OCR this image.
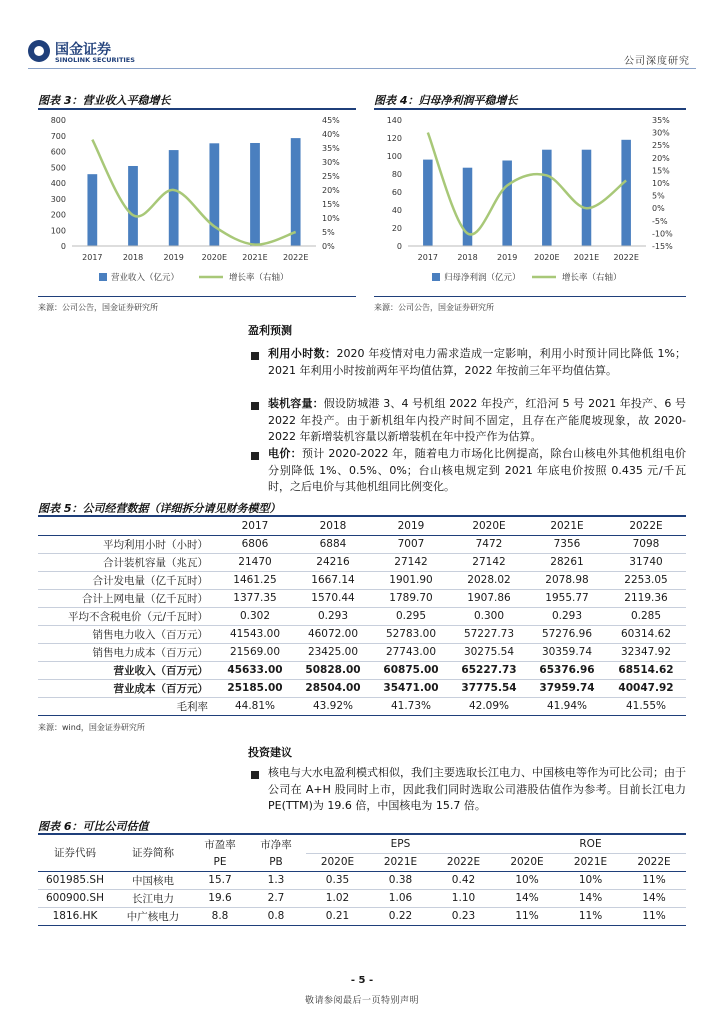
国金证券
SINOLINK SECURITIES	公司深度研究
图表 3：营业收入平稳增长
0
100
200
300
400
500
600
700
800
0%
5%
10%
15%
20%
25%
30%
35%
40%
45%
2017	2018	2019 2020E 2021E 2022E
营业收入（亿元）	增长率（右轴）
来源：公司公告，国金证券研究所
图表 4：归母净利润平稳增长
0
20
40
60
80
100
120
140
-15%
-10%
-5%
0%
5%
10%
15%
20%
25%
30%
35%
2017 2018 2019 2020E 2021E 2022E
归母净利润（亿元）	增长率（右轴）
来源：公司公告，国金证券研究所
盈利预测
利用小时数：2020 年疫情对电力需求造成一定影响，利用小时预计同比降低 1%；2021 年利用小时按前两年平均值估算，2022 年按前三年平均值估算。
装机容量：假设防城港 3、4 号机组 2022 年投产，红沿河 5 号 2021 年投产、6 号 2022 年投产。由于新机组年内投产时间不固定，且存在产能爬坡现象，故 2020-2022 年新增装机容量以新增装机在年中投产作为估算。
电价：预计 2020-2022 年，随着电力市场化比例提高，除台山核电外其他机组电价分别降低 1%、0.5%、0%；台山核电规定到 2021 年底电价按照 0.435 元/千瓦时，之后电价与其他机组同比例变化。
图表 5：公司经营数据（详细拆分请见财务模型）
	2017	2018	2019	2020E	2021E	2022E
平均利用小时（小时）	6806	6884	7007	7472	7356	7098
合计装机容量（兆瓦）	21470	24216	27142	27142	28261	31740
合计发电量（亿千瓦时）	1461.25	1667.14	1901.90	2028.02	2078.98	2253.05
合计上网电量（亿千瓦时）	1377.35	1570.44	1789.70	1907.86	1955.77	2119.36
平均不含税电价（元/千瓦时）	0.302	0.293	0.295	0.300	0.293	0.285
销售电力收入（百万元）	41543.00	46072.00	52783.00	57227.73	57276.96	60314.62
销售电力成本（百万元）	21569.00	23425.00	27743.00	30275.54	30359.74	32347.92
营业收入（百万元）	45633.00	50828.00	60875.00	65227.73	65376.96	68514.62
营业成本（百万元）	25185.00	28504.00	35471.00	37775.54	37959.74	40047.92
毛利率	44.81%	43.92%	41.73%	42.09%	41.94%	41.55%
来源：wind，国金证券研究所
投资建议
核电与大水电盈利模式相似，我们主要选取长江电力、中国核电等作为可比公司；由于公司在 A+H 股同时上市，因此我们同时选取公司港股估值作为参考。目前长江电力 PE(TTM)为 19.6 倍，中国核电为 15.7 倍。
图表 6：可比公司估值
证券代码	证券简称	市盈率	市净率	EPS			ROE		
		PE	PB	2020E	2021E	2022E	2020E	2021E	2022E
601985.SH	中国核电	15.7	1.3	0.35	0.38	0.42	10%	10%	11%
600900.SH	长江电力	19.6	2.7	1.02	1.06	1.10	14%	14%	14%
1816.HK	中广核电力	8.8	0.8	0.21	0.22	0.23	11%	11%	11%
- 5 -
敬请参阅最后一页特别声明
